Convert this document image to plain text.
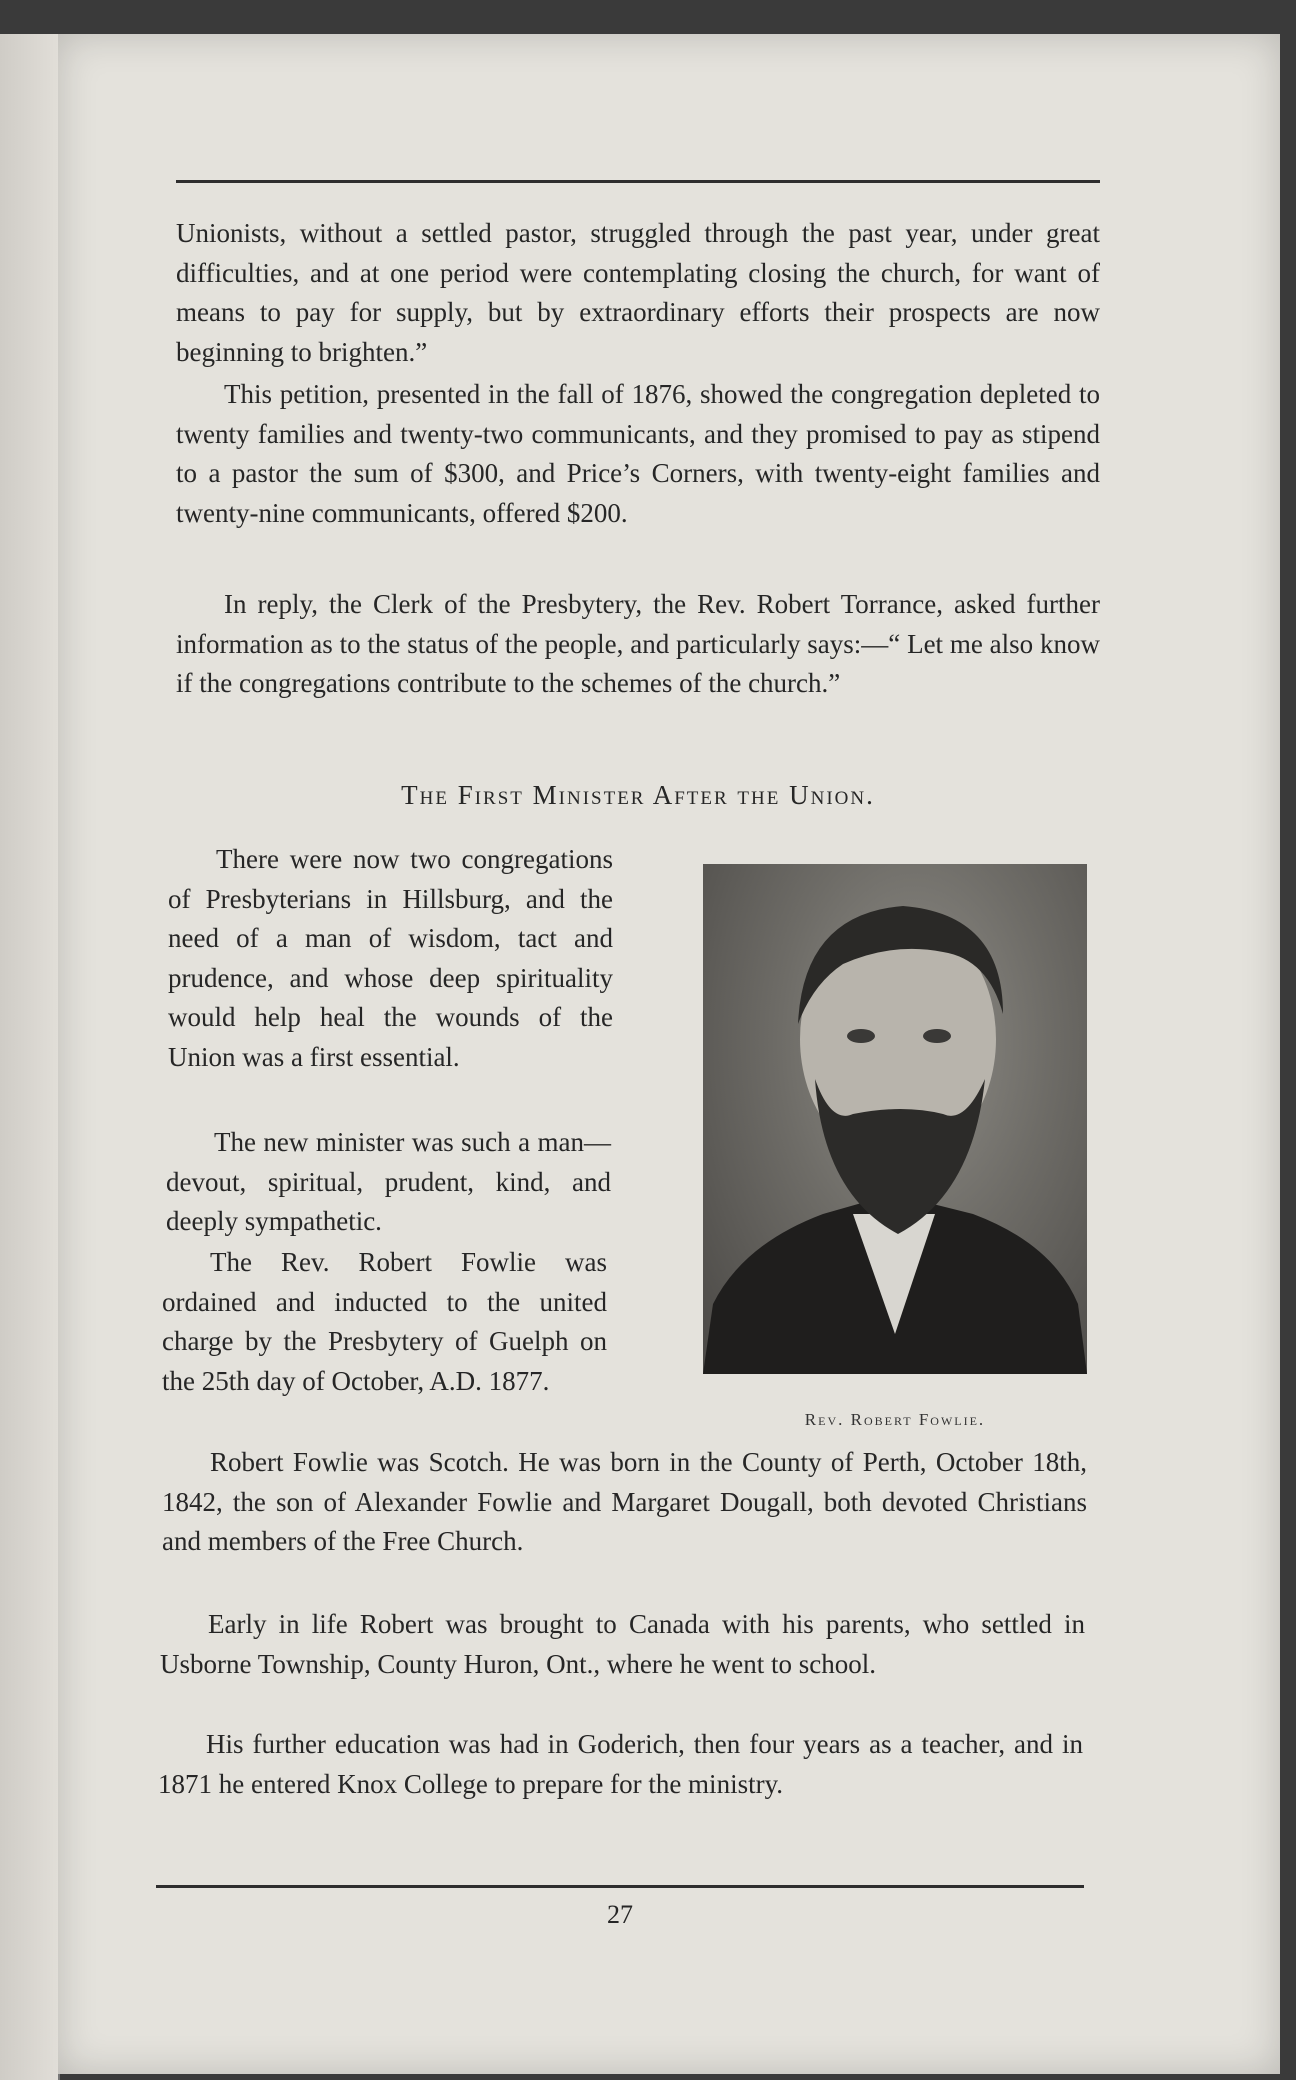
Unionists, without a settled pastor, struggled through the past year, under great difficulties, and at one period were contemplating closing the church, for want of means to pay for supply, but by extraordinary efforts their prospects are now beginning to brighten.”

This petition, presented in the fall of 1876, showed the congregation depleted to twenty families and twenty-two communicants, and they promised to pay as stipend to a pastor the sum of $300, and Price’s Corners, with twenty-eight families and twenty-nine communicants, offered $200.

In reply, the Clerk of the Presbytery, the Rev. Robert Torrance, asked further information as to the status of the people, and particularly says:—“ Let me also know if the congregations contribute to the schemes of the church.”

The First Minister After the Union.

There were now two congregations of Presbyterians in Hillsburg, and the need of a man of wisdom, tact and prudence, and whose deep spirituality would help heal the wounds of the Union was a first essential.

The new minister was such a man—devout, spiritual, prudent, kind, and deeply sympathetic.

The Rev. Robert Fowlie was ordained and inducted to the united charge by the Presbytery of Guelph on the 25th day of October, A.D. 1877.

Rev. Robert Fowlie.

Robert Fowlie was Scotch. He was born in the County of Perth, October 18th, 1842, the son of Alexander Fowlie and Margaret Dougall, both devoted Christians and members of the Free Church.

Early in life Robert was brought to Canada with his parents, who settled in Usborne Township, County Huron, Ont., where he went to school.

His further education was had in Goderich, then four years as a teacher, and in 1871 he entered Knox College to prepare for the ministry.

27
